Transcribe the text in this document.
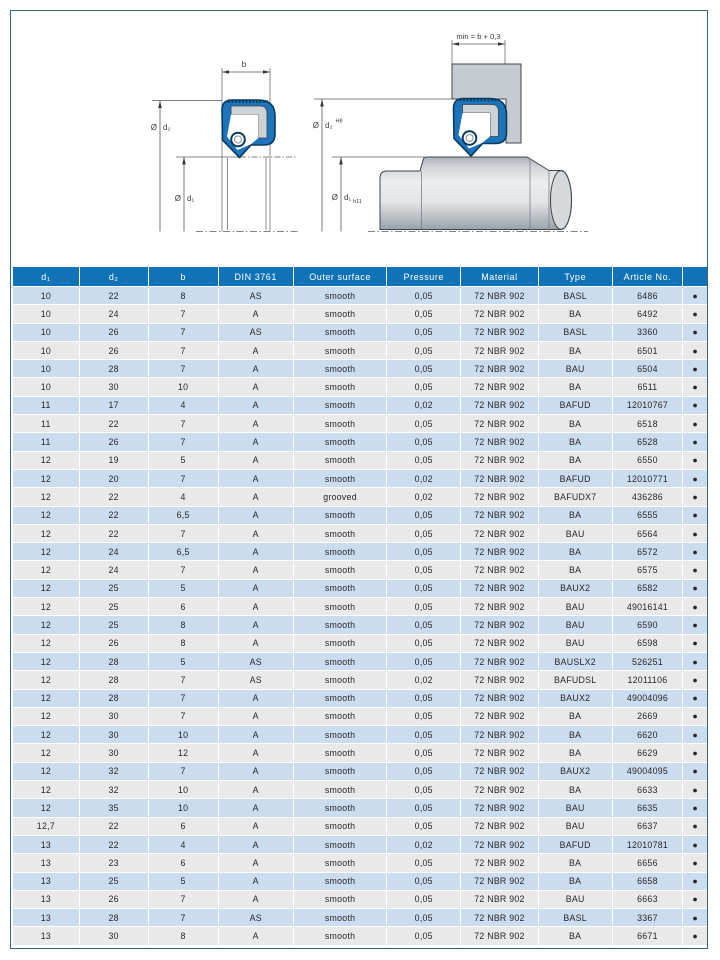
b
Ø d₂
Ø d₁
min = b + 0,3
Ø d₂ H8
Ø d₁ h11
d₁	d₂	b	DIN 3761	Outer surface	Pressure	Material	Type	Article No.	
10	22	8	AS	smooth	0,05	72 NBR 902	BASL	6486	●
10	24	7	A	smooth	0,05	72 NBR 902	BA	6492	●
10	26	7	AS	smooth	0,05	72 NBR 902	BASL	3360	●
10	26	7	A	smooth	0,05	72 NBR 902	BA	6501	●
10	28	7	A	smooth	0,05	72 NBR 902	BAU	6504	●
10	30	10	A	smooth	0,05	72 NBR 902	BA	6511	●
11	17	4	A	smooth	0,02	72 NBR 902	BAFUD	12010767	●
11	22	7	A	smooth	0,05	72 NBR 902	BA	6518	●
11	26	7	A	smooth	0,05	72 NBR 902	BA	6528	●
12	19	5	A	smooth	0,05	72 NBR 902	BA	6550	●
12	20	7	A	smooth	0,02	72 NBR 902	BAFUD	12010771	●
12	22	4	A	grooved	0,02	72 NBR 902	BAFUDX7	436286	●
12	22	6,5	A	smooth	0,05	72 NBR 902	BA	6555	●
12	22	7	A	smooth	0,05	72 NBR 902	BAU	6564	●
12	24	6,5	A	smooth	0,05	72 NBR 902	BA	6572	●
12	24	7	A	smooth	0,05	72 NBR 902	BA	6575	●
12	25	5	A	smooth	0,05	72 NBR 902	BAUX2	6582	●
12	25	6	A	smooth	0,05	72 NBR 902	BAU	49016141	●
12	25	8	A	smooth	0,05	72 NBR 902	BAU	6590	●
12	26	8	A	smooth	0,05	72 NBR 902	BAU	6598	●
12	28	5	AS	smooth	0,05	72 NBR 902	BAUSLX2	526251	●
12	28	7	AS	smooth	0,02	72 NBR 902	BAFUDSL	12011106	●
12	28	7	A	smooth	0,05	72 NBR 902	BAUX2	49004096	●
12	30	7	A	smooth	0,05	72 NBR 902	BA	2669	●
12	30	10	A	smooth	0,05	72 NBR 902	BA	6620	●
12	30	12	A	smooth	0,05	72 NBR 902	BA	6629	●
12	32	7	A	smooth	0,05	72 NBR 902	BAUX2	49004095	●
12	32	10	A	smooth	0,05	72 NBR 902	BA	6633	●
12	35	10	A	smooth	0,05	72 NBR 902	BAU	6635	●
12,7	22	6	A	smooth	0,05	72 NBR 902	BAU	6637	●
13	22	4	A	smooth	0,02	72 NBR 902	BAFUD	12010781	●
13	23	6	A	smooth	0,05	72 NBR 902	BA	6656	●
13	25	5	A	smooth	0,05	72 NBR 902	BA	6658	●
13	26	7	A	smooth	0,05	72 NBR 902	BAU	6663	●
13	28	7	AS	smooth	0,05	72 NBR 902	BASL	3367	●
13	30	8	A	smooth	0,05	72 NBR 902	BA	6671	●
